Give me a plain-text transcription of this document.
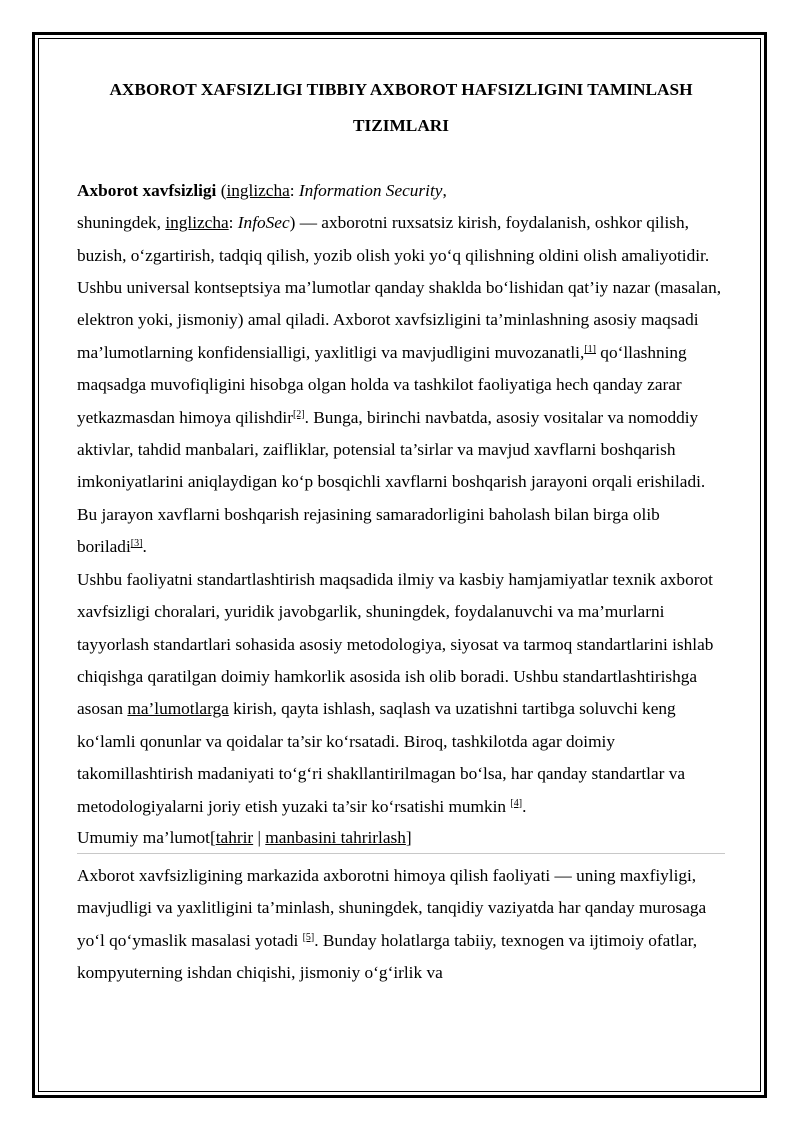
AXBOROT XAFSIZLIGI TIBBIY AXBOROT HAFSIZLIGINI TAMINLASH TIZIMLARI

Axborot xavfsizligi (inglizcha: Information Security,
shuningdek, inglizcha: InfoSec) — axborotni ruxsatsiz kirish, foydalanish, oshkor qilish, buzish, o‘zgartirish, tadqiq qilish, yozib olish yoki yo‘q qilishning oldini olish amaliyotidir. Ushbu universal kontseptsiya ma’lumotlar qanday shaklda bo‘lishidan qat’iy nazar (masalan, elektron yoki, jismoniy) amal qiladi. Axborot xavfsizligini ta’minlashning asosiy maqsadi ma’lumotlarning konfidensialligi, yaxlitligi va mavjudligini muvozanatli,[1] qo‘llashning maqsadga muvofiqligini hisobga olgan holda va tashkilot faoliyatiga hech qanday zarar yetkazmasdan himoya qilishdir[2]. Bunga, birinchi navbatda, asosiy vositalar va nomoddiy aktivlar, tahdid manbalari, zaifliklar, potensial ta’sirlar va mavjud xavflarni boshqarish imkoniyatlarini aniqlaydigan ko‘p bosqichli xavflarni boshqarish jarayoni orqali erishiladi. Bu jarayon xavflarni boshqarish rejasining samaradorligini baholash bilan birga olib boriladi[3].

Ushbu faoliyatni standartlashtirish maqsadida ilmiy va kasbiy hamjamiyatlar texnik axborot xavfsizligi choralari, yuridik javobgarlik, shuningdek, foydalanuvchi va ma’murlarni tayyorlash standartlari sohasida asosiy metodologiya, siyosat va tarmoq standartlarini ishlab chiqishga qaratilgan doimiy hamkorlik asosida ish olib boradi. Ushbu standartlashtirishga asosan ma’lumotlarga kirish, qayta ishlash, saqlash va uzatishni tartibga soluvchi keng ko‘lamli qonunlar va qoidalar ta’sir ko‘rsatadi. Biroq, tashkilotda agar doimiy takomillashtirish madaniyati to‘g‘ri shakllantirilmagan bo‘lsa, har qanday standartlar va metodologiyalarni joriy etish yuzaki ta’sir ko‘rsatishi mumkin [4].

Umumiy ma’lumot[tahrir | manbasini tahrirlash]

Axborot xavfsizligining markazida axborotni himoya qilish faoliyati — uning maxfiyligi, mavjudligi va yaxlitligini ta’minlash, shuningdek, tanqidiy vaziyatda har qanday murosaga yo‘l qo‘ymaslik masalasi yotadi [5]. Bunday holatlarga tabiiy, texnogen va ijtimoiy ofatlar, kompyuterning ishdan chiqishi, jismoniy o‘g‘irlik va
